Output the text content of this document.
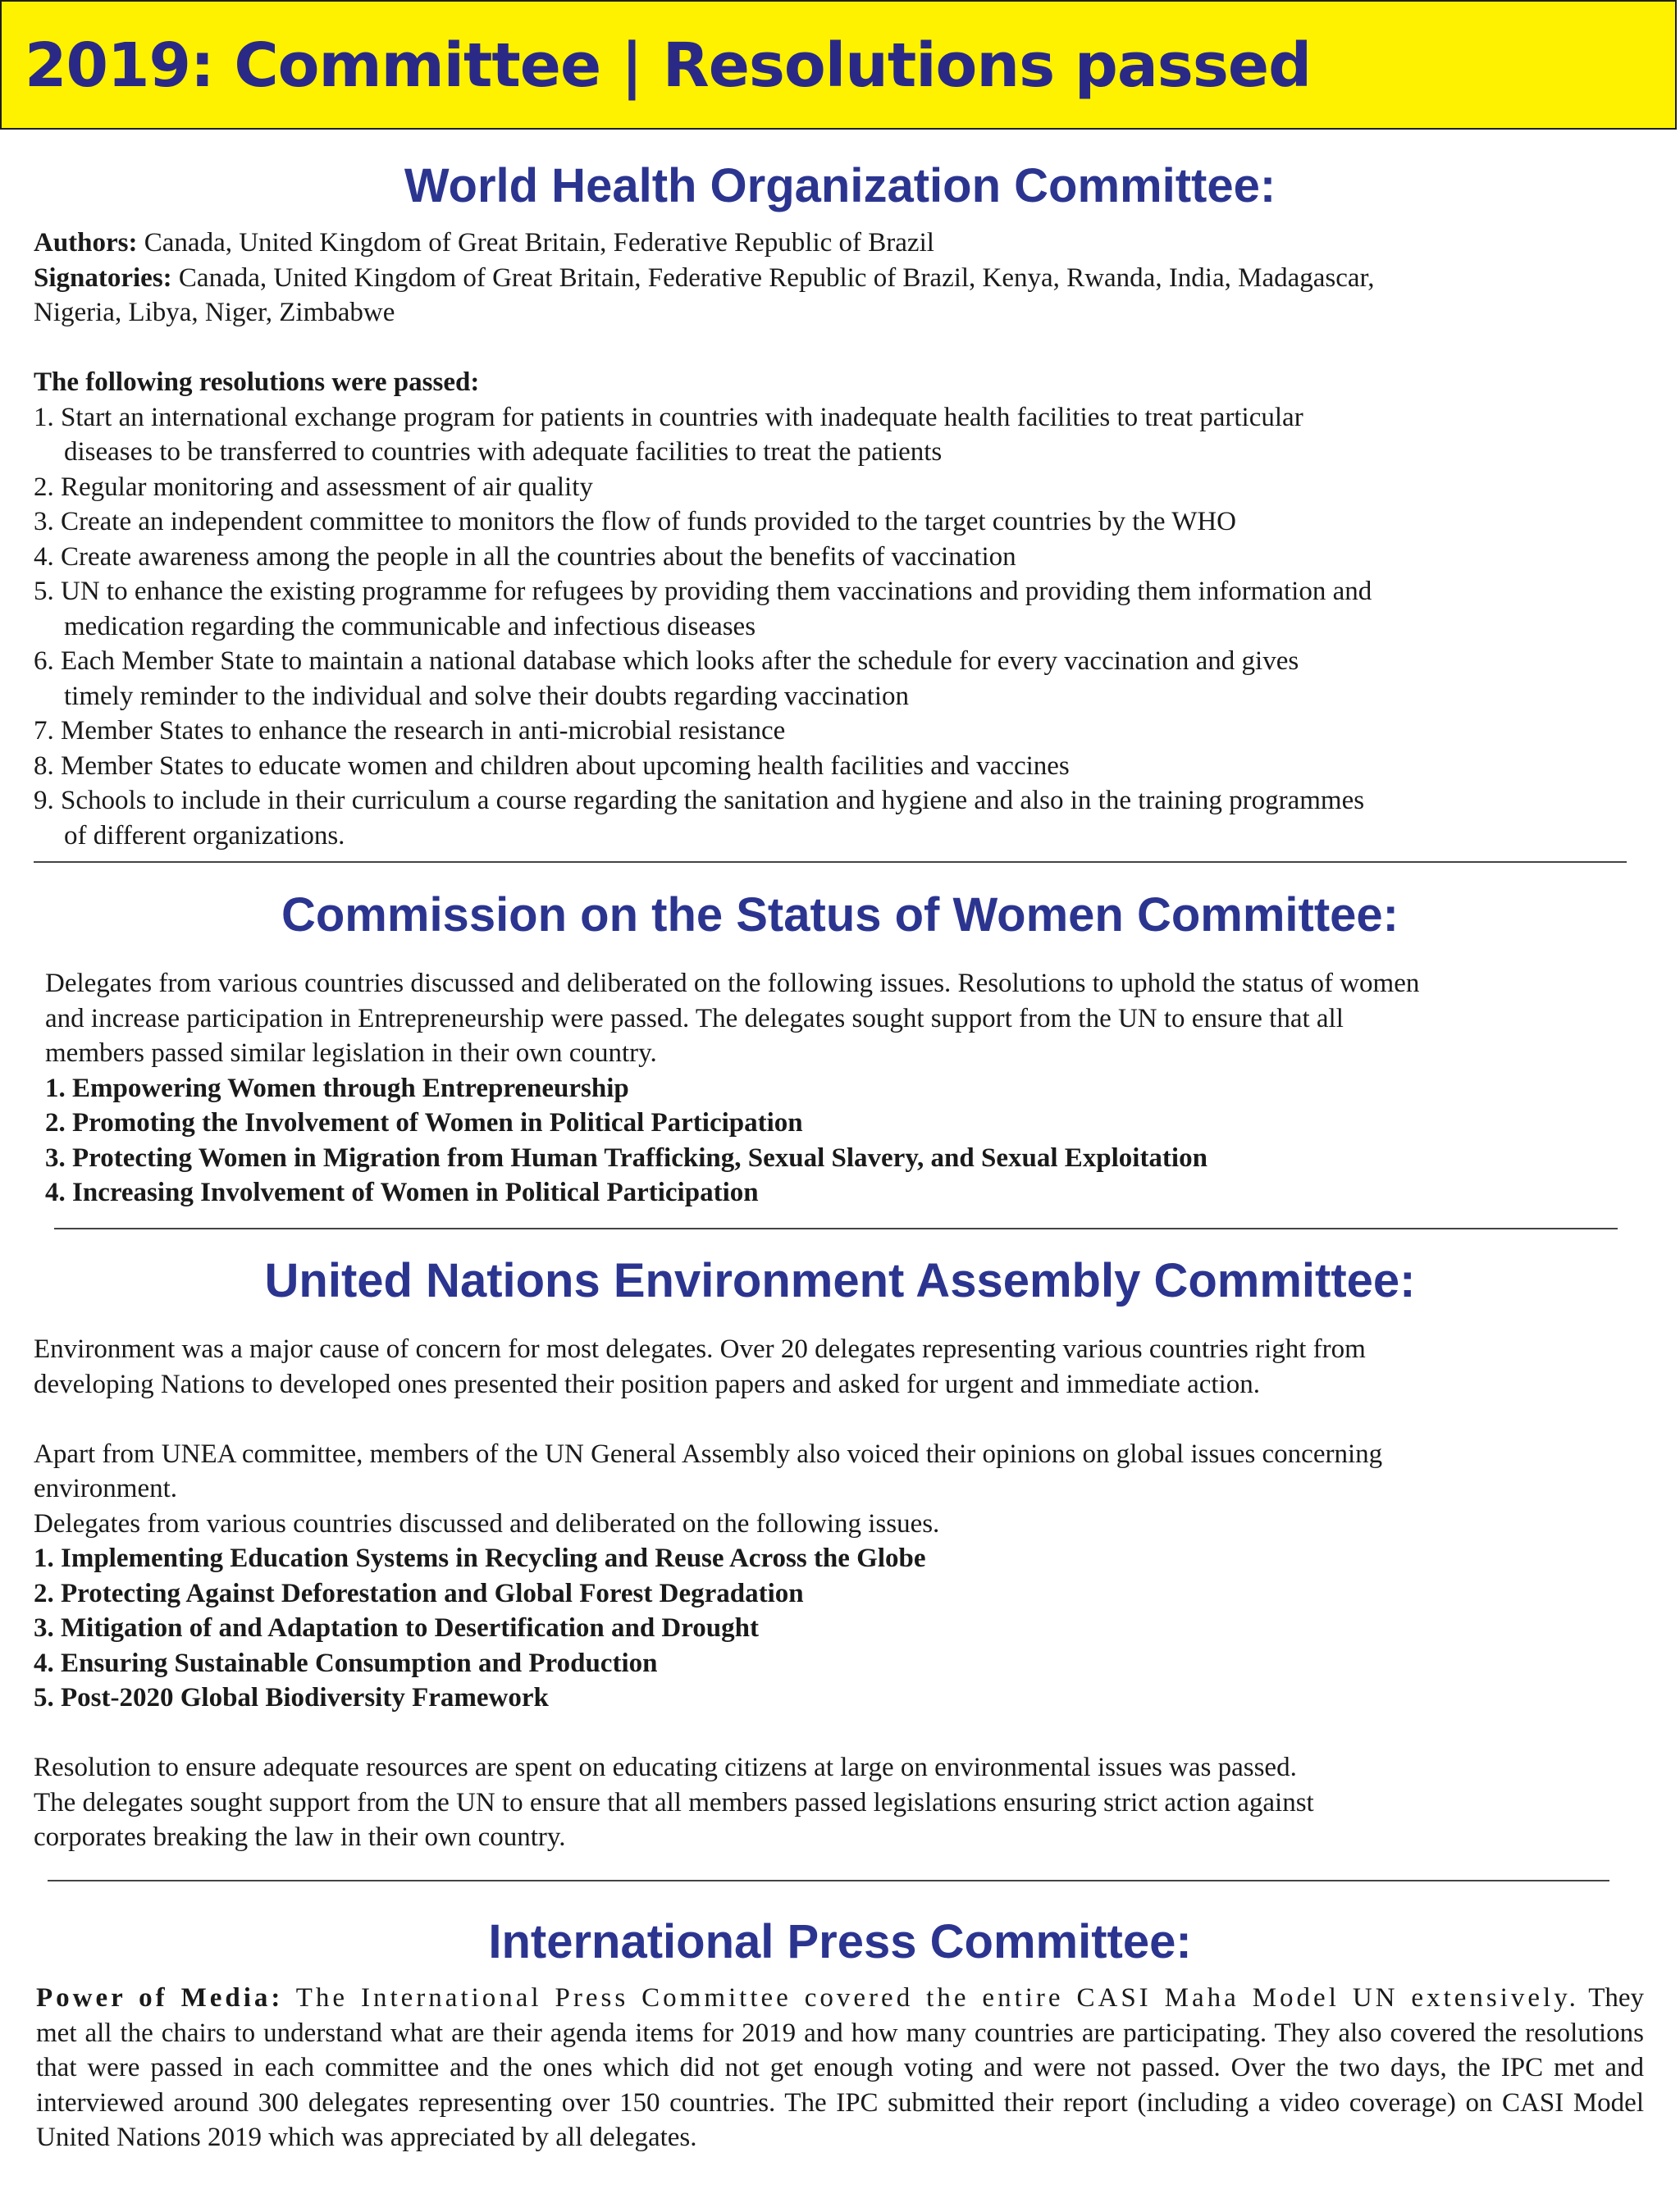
2019: Committee | Resolutions passed
World Health Organization Committee:

Authors: Canada, United Kingdom of Great Britain, Federative Republic of Brazil

Signatories: Canada, United Kingdom of Great Britain, Federative Republic of Brazil, Kenya, Rwanda, India, Madagascar,

Nigeria, Libya, Niger, Zimbabwe

The following resolutions were passed:

1. Start an international exchange program for patients in countries with inadequate health facilities to treat particular

diseases to be transferred to countries with adequate facilities to treat the patients

2. Regular monitoring and assessment of air quality

3. Create an independent committee to monitors the flow of funds provided to the target countries by the WHO

4. Create awareness among the people in all the countries about the benefits of vaccination

5. UN to enhance the existing programme for refugees by providing them vaccinations and providing them information and

medication regarding the communicable and infectious diseases

6. Each Member State to maintain a national database which looks after the schedule for every vaccination and gives

timely reminder to the individual and solve their doubts regarding vaccination

7. Member States to enhance the research in anti-microbial resistance

8. Member States to educate women and children about upcoming health facilities and vaccines

9. Schools to include in their curriculum a course regarding the sanitation and hygiene and also in the training programmes

of different organizations.

Commission on the Status of Women Committee:

Delegates from various countries discussed and deliberated on the following issues. Resolutions to uphold the status of women

and increase participation in Entrepreneurship were passed. The delegates sought support from the UN to ensure that all

members passed similar legislation in their own country.

1. Empowering Women through Entrepreneurship

2. Promoting the Involvement of Women in Political Participation

3. Protecting Women in Migration from Human Trafficking, Sexual Slavery, and Sexual Exploitation

4. Increasing Involvement of Women in Political Participation

United Nations Environment Assembly Committee:

Environment was a major cause of concern for most delegates. Over 20 delegates representing various countries right from

developing Nations to developed ones presented their position papers and asked for urgent and immediate action.

Apart from UNEA committee, members of the UN General Assembly also voiced their opinions on global issues concerning

environment.

Delegates from various countries discussed and deliberated on the following issues.

1. Implementing Education Systems in Recycling and Reuse Across the Globe

2. Protecting Against Deforestation and Global Forest Degradation

3. Mitigation of and Adaptation to Desertification and Drought

4. Ensuring Sustainable Consumption and Production

5. Post-2020 Global Biodiversity Framework

Resolution to ensure adequate resources are spent on educating citizens at large on environmental issues was passed.

The delegates sought support from the UN to ensure that all members passed legislations ensuring strict action against

corporates breaking the law in their own country.

International Press Committee:
Power of Media: The International Press Committee covered the entire CASI Maha Model UN extensively. They met all the chairs to understand what are their agenda items for 2019 and how many countries are participating. They also covered the resolutions that were passed in each committee and the ones which did not get enough voting and were not passed. Over the two days, the IPC met and interviewed around 300 delegates representing over 150 countries. The IPC submitted their report (including a video coverage) on CASI Model United Nations 2019 which was appreciated by all delegates.
